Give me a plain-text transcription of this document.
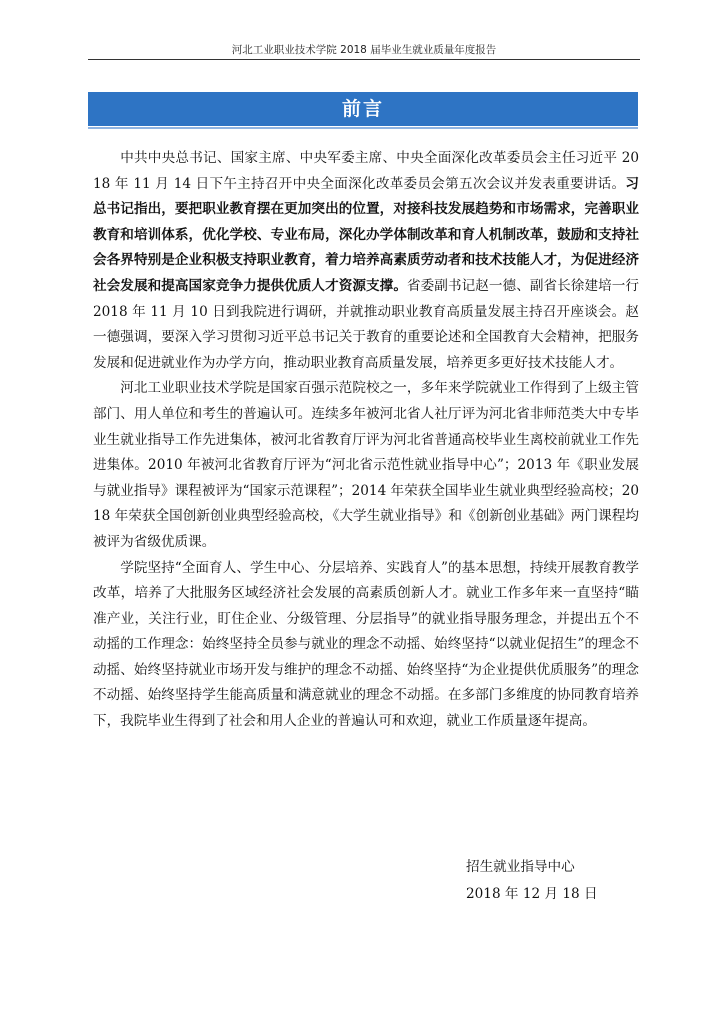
河北工业职业技术学院 2018 届毕业生就业质量年度报告
前言

中共中央总书记、国家主席、中央军委主席、中央全面深化改革委员会主任习近平 2018 年 11 月 14 日下午主持召开中央全面深化改革委员会第五次会议并发表重要讲话。习总书记指出，要把职业教育摆在更加突出的位置，对接科技发展趋势和市场需求，完善职业教育和培训体系，优化学校、专业布局，深化办学体制改革和育人机制改革，鼓励和支持社会各界特别是企业积极支持职业教育，着力培养高素质劳动者和技术技能人才，为促进经济社会发展和提高国家竞争力提供优质人才资源支撑。省委副书记赵一德、副省长徐建培一行 2018 年 11 月 10 日到我院进行调研，并就推动职业教育高质量发展主持召开座谈会。赵一德强调，要深入学习贯彻习近平总书记关于教育的重要论述和全国教育大会精神，把服务发展和促进就业作为办学方向，推动职业教育高质量发展，培养更多更好技术技能人才。

河北工业职业技术学院是国家百强示范院校之一，多年来学院就业工作得到了上级主管部门、用人单位和考生的普遍认可。连续多年被河北省人社厅评为河北省非师范类大中专毕业生就业指导工作先进集体，被河北省教育厅评为河北省普通高校毕业生离校前就业工作先进集体。2010 年被河北省教育厅评为“河北省示范性就业指导中心”；2013 年《职业发展与就业指导》课程被评为“国家示范课程”；2014 年荣获全国毕业生就业典型经验高校；2018 年荣获全国创新创业典型经验高校，《大学生就业指导》和《创新创业基础》两门课程均被评为省级优质课。

学院坚持“全面育人、学生中心、分层培养、实践育人”的基本思想，持续开展教育教学改革，培养了大批服务区域经济社会发展的高素质创新人才。就业工作多年来一直坚持“瞄准产业，关注行业，盯住企业、分级管理、分层指导”的就业指导服务理念，并提出五个不动摇的工作理念：始终坚持全员参与就业的理念不动摇、始终坚持“以就业促招生”的理念不动摇、始终坚持就业市场开发与维护的理念不动摇、始终坚持“为企业提供优质服务”的理念不动摇、始终坚持学生能高质量和满意就业的理念不动摇。在多部门多维度的协同教育培养下，我院毕业生得到了社会和用人企业的普遍认可和欢迎，就业工作质量逐年提高。

招生就业指导中心
2018 年 12 月 18 日
